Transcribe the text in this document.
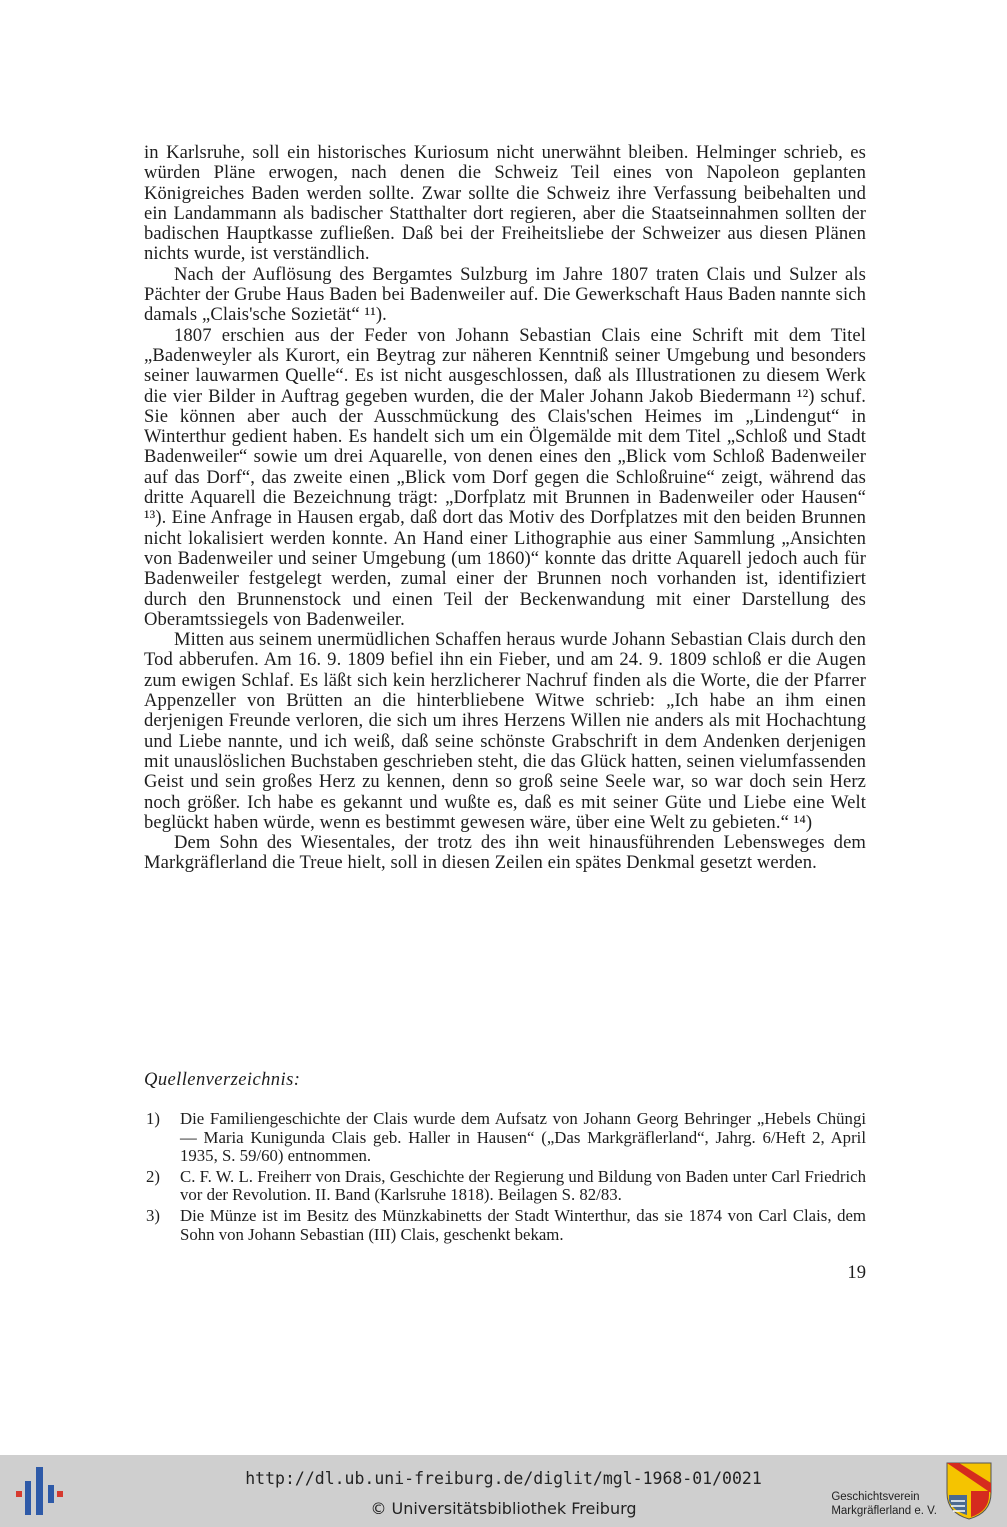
in Karlsruhe, soll ein historisches Kuriosum nicht unerwähnt bleiben. Helminger schrieb, es würden Pläne erwogen, nach denen die Schweiz Teil eines von Napoleon geplanten Königreiches Baden werden sollte. Zwar sollte die Schweiz ihre Verfassung beibehalten und ein Landammann als badischer Statthalter dort regieren, aber die Staatseinnahmen sollten der badischen Hauptkasse zufließen. Daß bei der Freiheitsliebe der Schweizer aus diesen Plänen nichts wurde, ist verständlich.

Nach der Auflösung des Bergamtes Sulzburg im Jahre 1807 traten Clais und Sulzer als Pächter der Grube Haus Baden bei Badenweiler auf. Die Gewerkschaft Haus Baden nannte sich damals „Clais'sche Sozietät“ ¹¹).

1807 erschien aus der Feder von Johann Sebastian Clais eine Schrift mit dem Titel „Badenweyler als Kurort, ein Beytrag zur näheren Kenntniß seiner Umgebung und besonders seiner lauwarmen Quelle“. Es ist nicht ausgeschlossen, daß als Illustrationen zu diesem Werk die vier Bilder in Auftrag gegeben wurden, die der Maler Johann Jakob Biedermann ¹²) schuf. Sie können aber auch der Ausschmückung des Clais'schen Heimes im „Lindengut“ in Winterthur gedient haben. Es handelt sich um ein Ölgemälde mit dem Titel „Schloß und Stadt Badenweiler“ sowie um drei Aquarelle, von denen eines den „Blick vom Schloß Badenweiler auf das Dorf“, das zweite einen „Blick vom Dorf gegen die Schloßruine“ zeigt, während das dritte Aquarell die Bezeichnung trägt: „Dorfplatz mit Brunnen in Badenweiler oder Hausen“ ¹³). Eine Anfrage in Hausen ergab, daß dort das Motiv des Dorfplatzes mit den beiden Brunnen nicht lokalisiert werden konnte. An Hand einer Lithographie aus einer Sammlung „Ansichten von Badenweiler und seiner Umgebung (um 1860)“ konnte das dritte Aquarell jedoch auch für Badenweiler festgelegt werden, zumal einer der Brunnen noch vorhanden ist, identifiziert durch den Brunnenstock und einen Teil der Beckenwandung mit einer Darstellung des Oberamtssiegels von Badenweiler.

Mitten aus seinem unermüdlichen Schaffen heraus wurde Johann Sebastian Clais durch den Tod abberufen. Am 16. 9. 1809 befiel ihn ein Fieber, und am 24. 9. 1809 schloß er die Augen zum ewigen Schlaf. Es läßt sich kein herzlicherer Nachruf finden als die Worte, die der Pfarrer Appenzeller von Brütten an die hinterbliebene Witwe schrieb: „Ich habe an ihm einen derjenigen Freunde verloren, die sich um ihres Herzens Willen nie anders als mit Hochachtung und Liebe nannte, und ich weiß, daß seine schönste Grabschrift in dem Andenken derjenigen mit unauslöslichen Buchstaben geschrieben steht, die das Glück hatten, seinen vielumfassenden Geist und sein großes Herz zu kennen, denn so groß seine Seele war, so war doch sein Herz noch größer. Ich habe es gekannt und wußte es, daß es mit seiner Güte und Liebe eine Welt beglückt haben würde, wenn es bestimmt gewesen wäre, über eine Welt zu gebieten.“ ¹⁴)

Dem Sohn des Wiesentales, der trotz des ihn weit hinausführenden Lebensweges dem Markgräflerland die Treue hielt, soll in diesen Zeilen ein spätes Denkmal gesetzt werden.

Quellenverzeichnis:
1)	Die Familiengeschichte der Clais wurde dem Aufsatz von Johann Georg Behringer „Hebels Chüngi — Maria Kunigunda Clais geb. Haller in Hausen“ („Das Markgräflerland“, Jahrg. 6/Heft 2, April 1935, S. 59/60) entnommen.
2)	C. F. W. L. Freiherr von Drais, Geschichte der Regierung und Bildung von Baden unter Carl Friedrich vor der Revolution. II. Band (Karlsruhe 1818). Beilagen S. 82/83.
3)	Die Münze ist im Besitz des Münzkabinetts der Stadt Winterthur, das sie 1874 von Carl Clais, dem Sohn von Johann Sebastian (III) Clais, geschenkt bekam.
19
http://dl.ub.uni-freiburg.de/diglit/mgl-1968-01/0021
© Universitätsbibliothek Freiburg
Geschichtsverein
Markgräflerland e. V.
